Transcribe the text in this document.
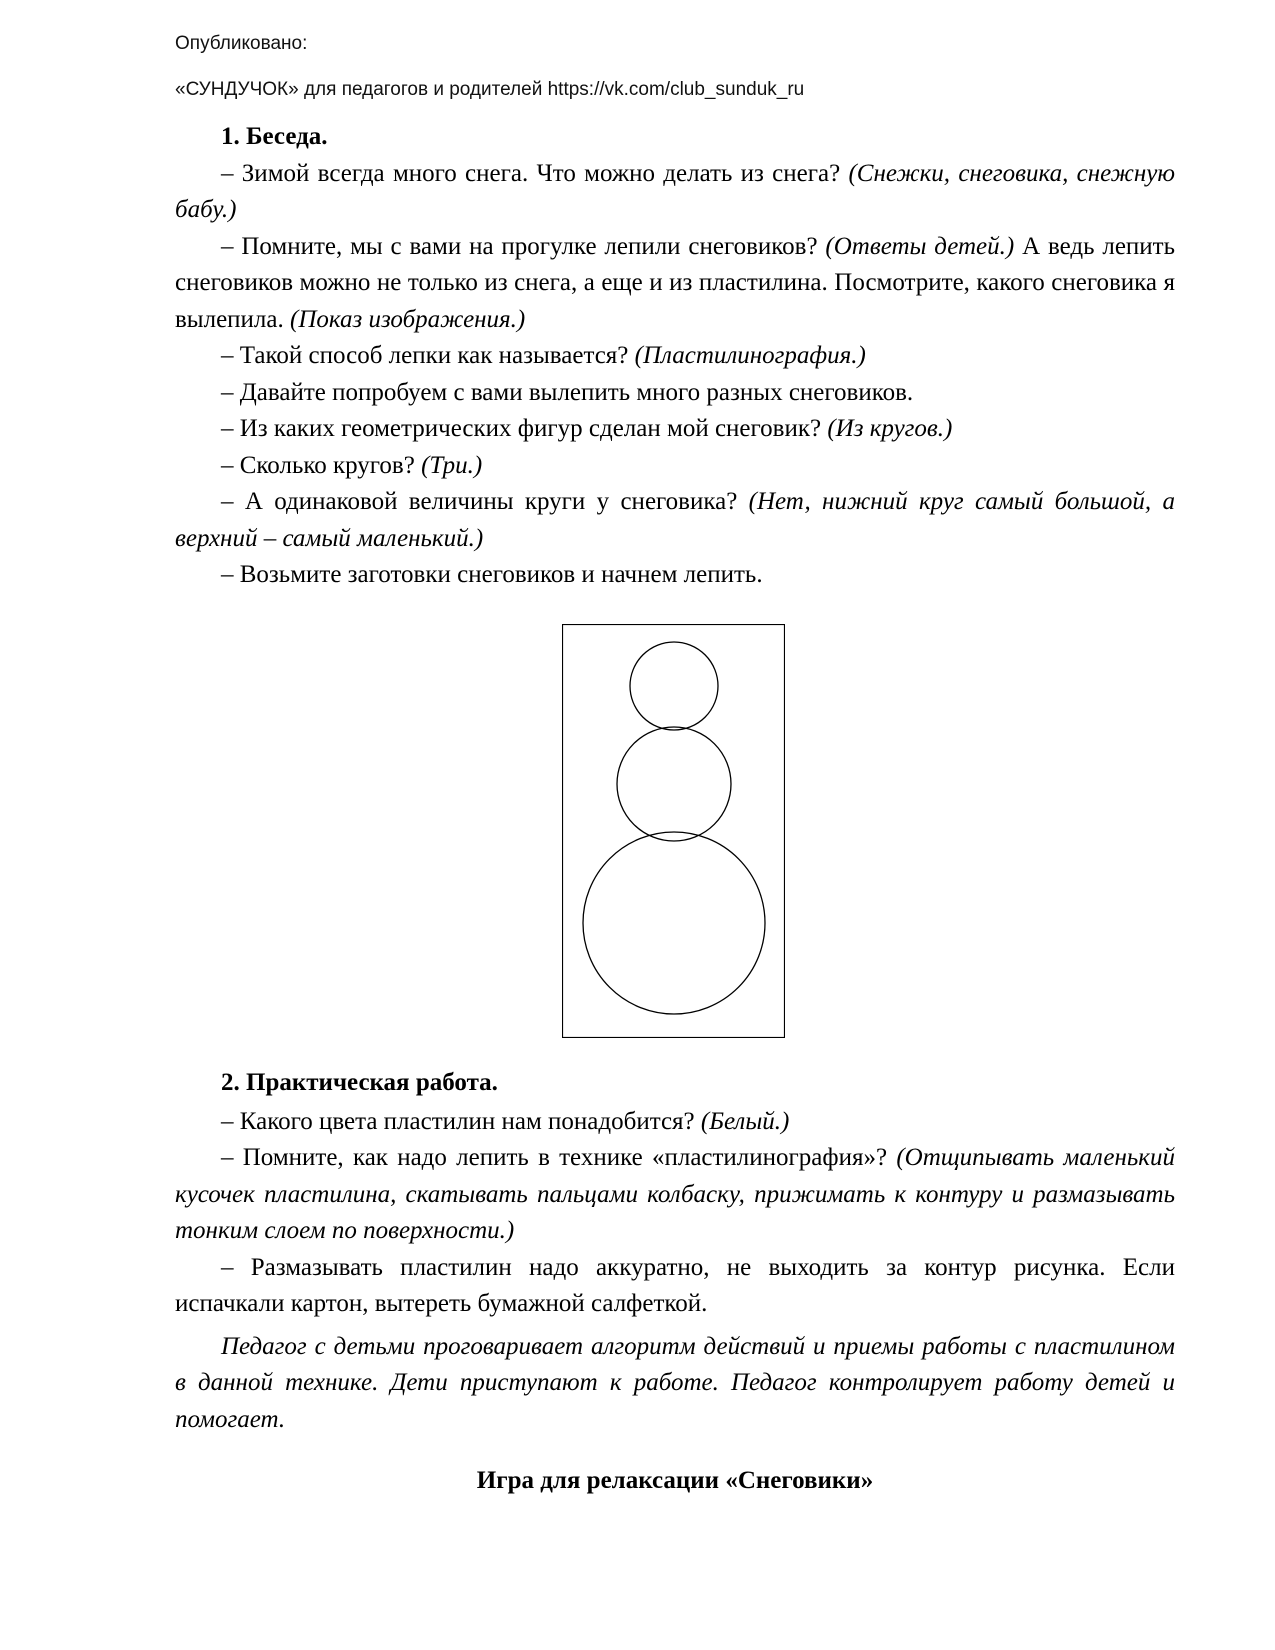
Опубликовано:
«СУНДУЧОК» для педагогов и родителей https://vk.com/club_sunduk_ru

1. Беседа.

– Зимой всегда много снега. Что можно делать из снега? (Снежки, снеговика, снежную бабу.)

– Помните, мы с вами на прогулке лепили снеговиков? (Ответы детей.) А ведь лепить снеговиков можно не только из снега, а еще и из пластилина. Посмотрите, какого снеговика я вылепила. (Показ изображения.)

– Такой способ лепки как называется? (Пластилинография.)

– Давайте попробуем с вами вылепить много разных снеговиков.

– Из каких геометрических фигур сделан мой снеговик? (Из кругов.)

– Сколько кругов? (Три.)

– А одинаковой величины круги у снеговика? (Нет, нижний круг самый большой, а верхний – самый маленький.)

– Возьмите заготовки снеговиков и начнем лепить.

2. Практическая работа.

– Какого цвета пластилин нам понадобится? (Белый.)

– Помните, как надо лепить в технике «пластилинография»? (Отщипывать маленький кусочек пластилина, скатывать пальцами колбаску, прижимать к контуру и размазывать тонким слоем по поверхности.)

– Размазывать пластилин надо аккуратно, не выходить за контур рисунка. Если испачкали картон, вытереть бумажной салфеткой.

Педагог с детьми проговаривает алгоритм действий и приемы работы с пластилином в данной технике. Дети приступают к работе. Педагог контролирует работу детей и помогает.

Игра для релаксации «Снеговики»
